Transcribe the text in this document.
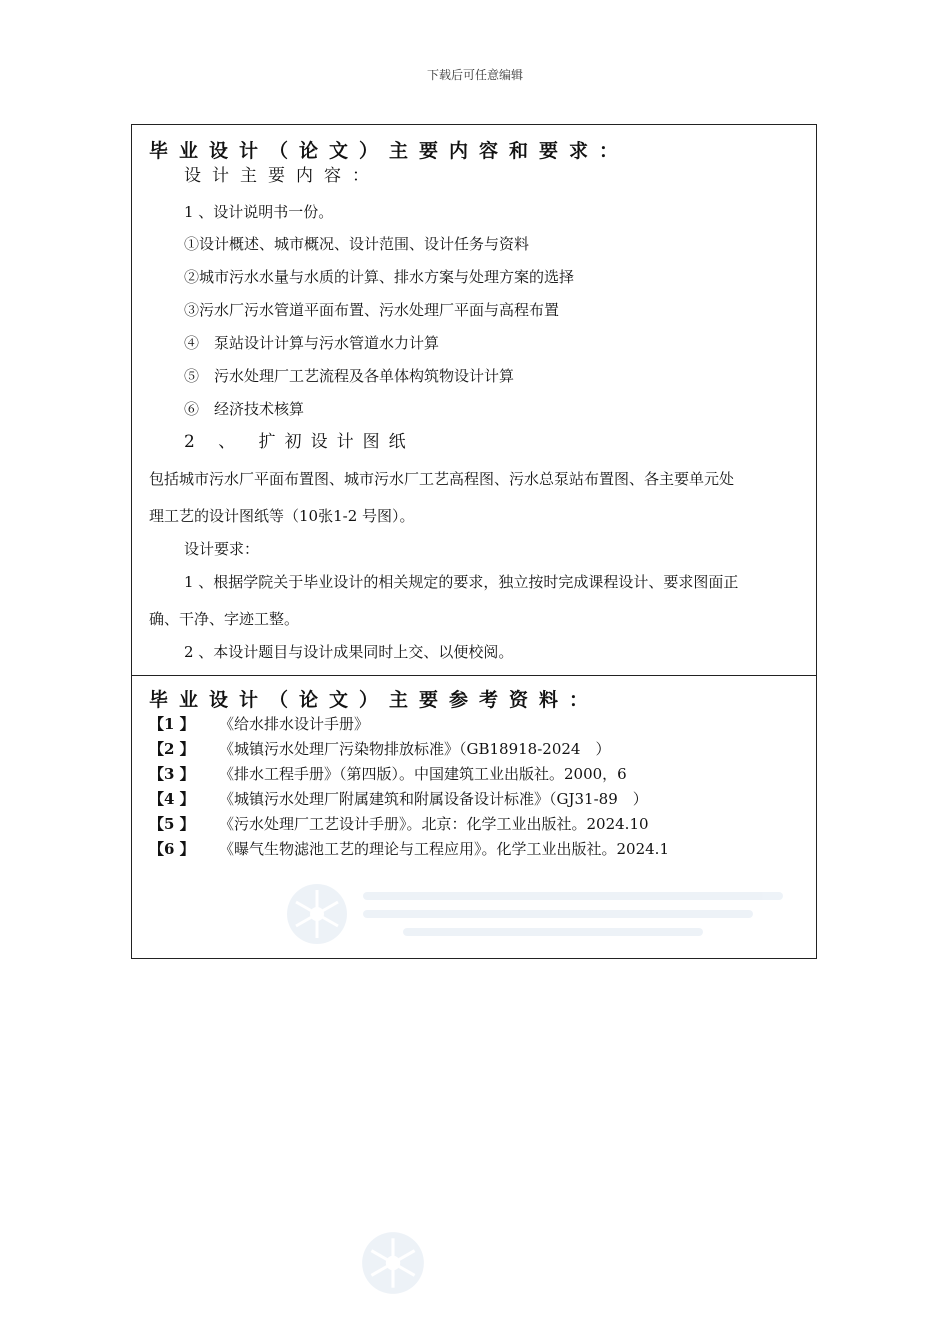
下载后可任意编辑
毕业设计（论文）主要内容和要求：
设计主要内容：
1 、设计说明书一份。
①设计概述、城市概况、设计范围、设计任务与资料
②城市污水水量与水质的计算、排水方案与处理方案的选择
③污水厂污水管道平面布置、污水处理厂平面与高程布置
④　泵站设计计算与污水管道水力计算
⑤　污水处理厂工艺流程及各单体构筑物设计计算
⑥　经济技术核算
2 、 扩初设计图纸
包括城市污水厂平面布置图、城市污水厂工艺高程图、污水总泵站布置图、各主要单元处
理工艺的设计图纸等（10张1-2 号图）。
设计要求：
1 、根据学院关于毕业设计的相关规定的要求，独立按时完成课程设计、要求图面正
确、干净、字迹工整。
2 、本设计题目与设计成果同时上交、以便校阅。
毕业设计（论文）主要参考资料：
【1 】 《给水排水设计手册》
【2 】 《城镇污水处理厂污染物排放标准》（GB18918-2024　）
【3 】 《排水工程手册》（第四版）。中国建筑工业出版社。2000，6
【4 】 《城镇污水处理厂附属建筑和附属设备设计标准》（GJ31-89　）
【5 】 《污水处理厂工艺设计手册》。北京：化学工业出版社。2024.10
【6 】 《曝气生物滤池工艺的理论与工程应用》。化学工业出版社。2024.1
